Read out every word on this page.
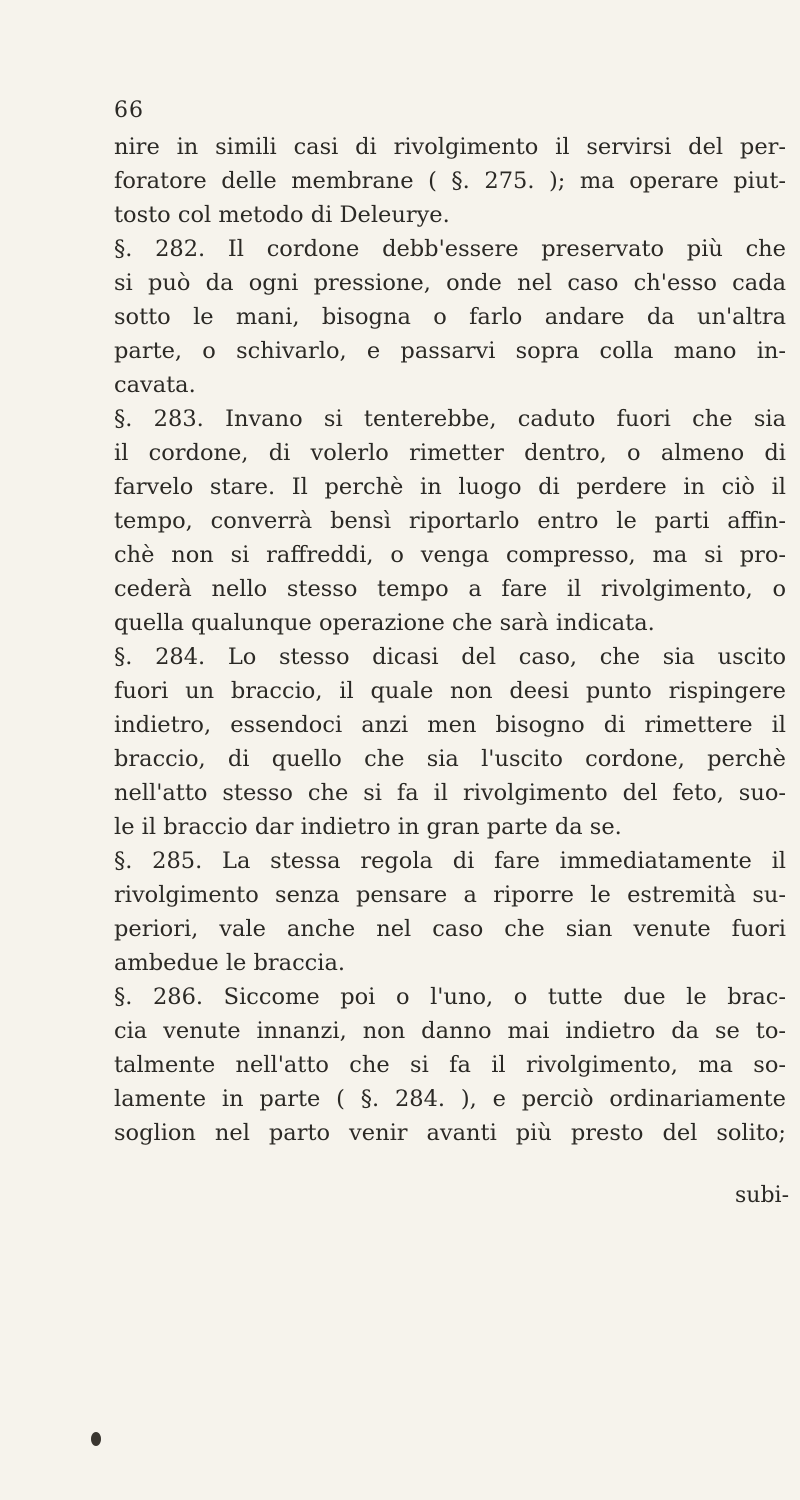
66
nire in simili casi di rivolgimento il servirsi del per-
foratore delle membrane ( §. 275. ); ma operare piut-
tosto col metodo di Deleurye.
§. 282. Il cordone debb'essere preservato più che
si può da ogni pressione, onde nel caso ch'esso cada
sotto le mani, bisogna o farlo andare da un'altra
parte, o schivarlo, e passarvi sopra colla mano in-
cavata.
§. 283. Invano si tenterebbe, caduto fuori che sia
il cordone, di volerlo rimetter dentro, o almeno di
farvelo stare. Il perchè in luogo di perdere in ciò il
tempo, converrà bensì riportarlo entro le parti affin-
chè non si raffreddi, o venga compresso, ma si pro-
cederà nello stesso tempo a fare il rivolgimento, o
quella qualunque operazione che sarà indicata.
§. 284. Lo stesso dicasi del caso, che sia uscito
fuori un braccio, il quale non deesi punto rispingere
indietro, essendoci anzi men bisogno di rimettere il
braccio, di quello che sia l'uscito cordone, perchè
nell'atto stesso che si fa il rivolgimento del feto, suo-
le il braccio dar indietro in gran parte da se.
§. 285. La stessa regola di fare immediatamente il
rivolgimento senza pensare a riporre le estremità su-
periori, vale anche nel caso che sian venute fuori
ambedue le braccia.
§. 286. Siccome poi o l'uno, o tutte due le brac-
cia venute innanzi, non danno mai indietro da se to-
talmente nell'atto che si fa il rivolgimento, ma so-
lamente in parte ( §. 284. ), e perciò ordinariamente
soglion nel parto venir avanti più presto del solito;
subi-
